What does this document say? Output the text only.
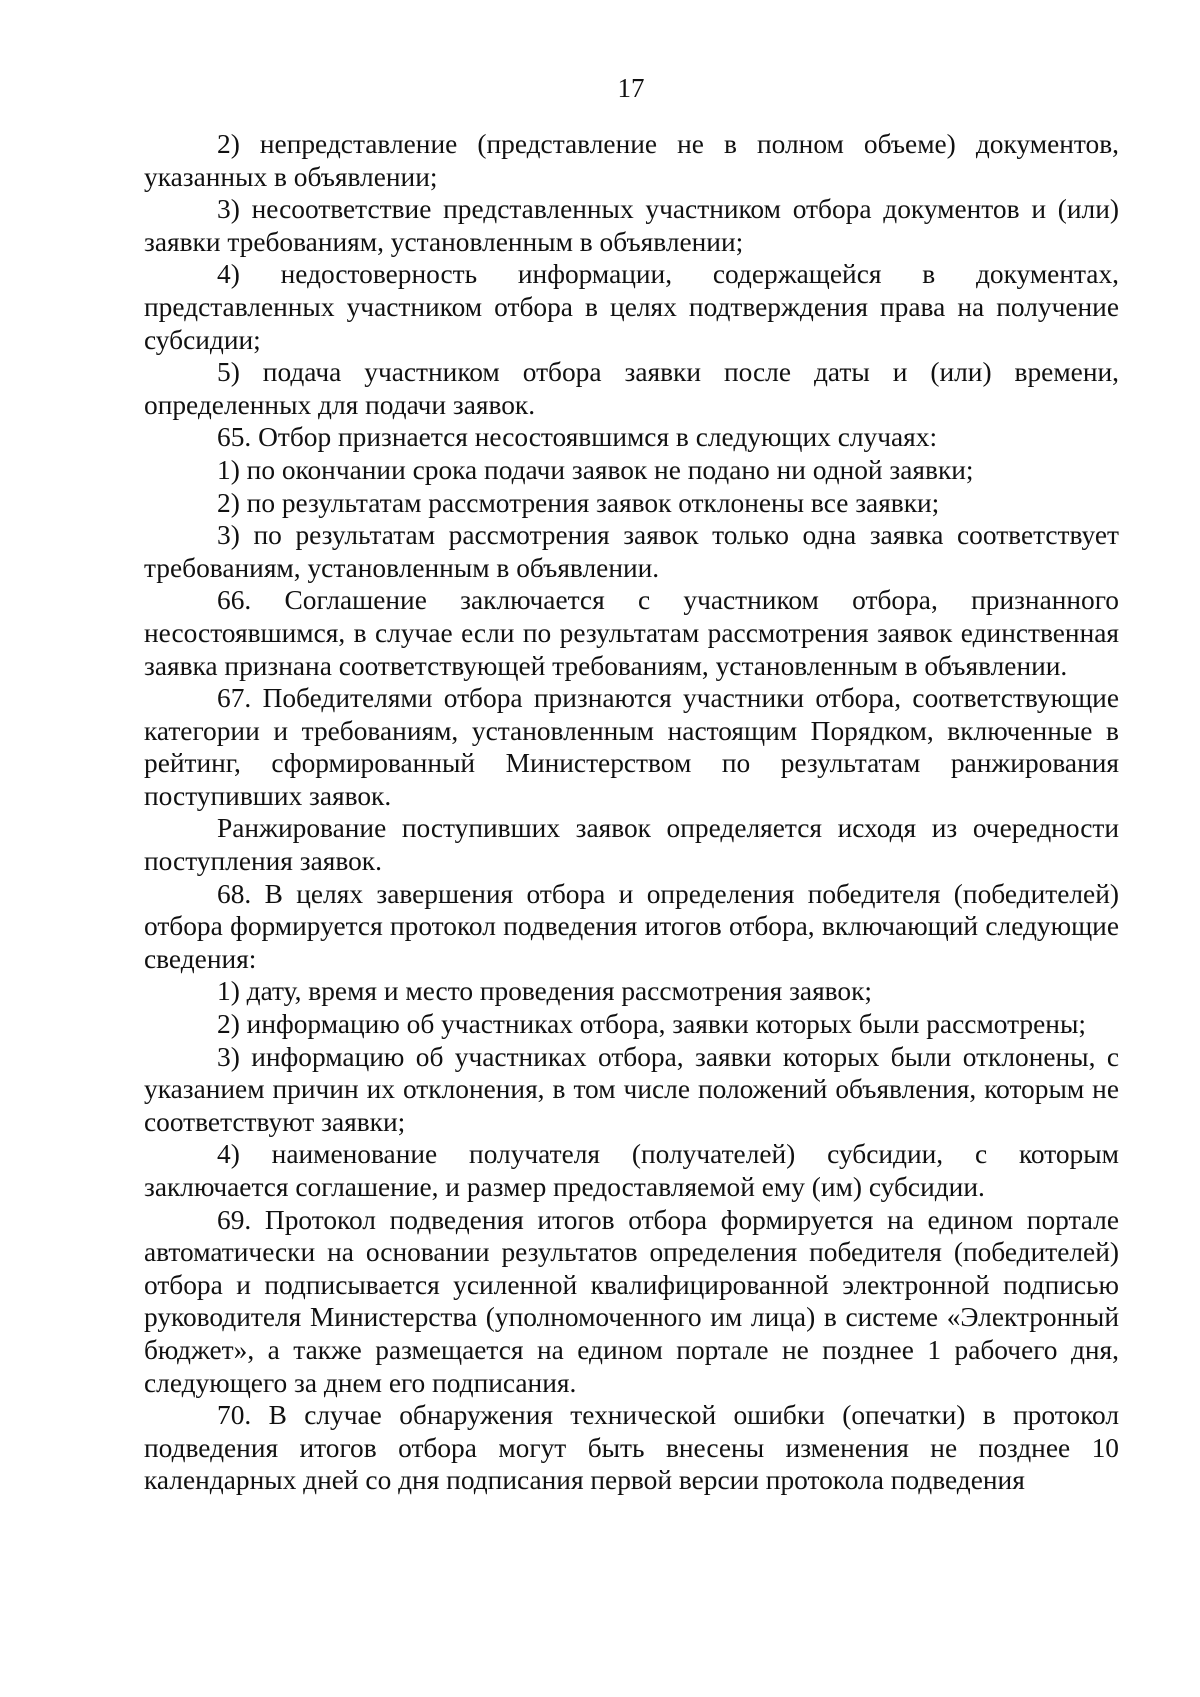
17

2) непредставление (представление не в полном объеме) документов, указанных в объявлении;

3) несоответствие представленных участником отбора документов и (или) заявки требованиям, установленным в объявлении;

4) недостоверность информации, содержащейся в документах, представленных участником отбора в целях подтверждения права на получение субсидии;

5) подача участником отбора заявки после даты и (или) времени, определенных для подачи заявок.

65. Отбор признается несостоявшимся в следующих случаях:

1) по окончании срока подачи заявок не подано ни одной заявки;

2) по результатам рассмотрения заявок отклонены все заявки;

3) по результатам рассмотрения заявок только одна заявка соответствует требованиям, установленным в объявлении.

66. Соглашение заключается с участником отбора, признанного несостоявшимся, в случае если по результатам рассмотрения заявок единственная заявка признана соответствующей требованиям, установленным в объявлении.

67. Победителями отбора признаются участники отбора, соответствующие категории и требованиям, установленным настоящим Порядком, включенные в рейтинг, сформированный Министерством по результатам ранжирования поступивших заявок.

Ранжирование поступивших заявок определяется исходя из очередности поступления заявок.

68. В целях завершения отбора и определения победителя (победителей) отбора формируется протокол подведения итогов отбора, включающий следующие сведения:

1) дату, время и место проведения рассмотрения заявок;

2) информацию об участниках отбора, заявки которых были рассмотрены;

3) информацию об участниках отбора, заявки которых были отклонены, с указанием причин их отклонения, в том числе положений объявления, которым не соответствуют заявки;

4) наименование получателя (получателей) субсидии, с которым заключается соглашение, и размер предоставляемой ему (им) субсидии.

69. Протокол подведения итогов отбора формируется на едином портале автоматически на основании результатов определения победителя (победителей) отбора и подписывается усиленной квалифицированной электронной подписью руководителя Министерства (уполномоченного им лица) в системе «Электронный бюджет», а также размещается на едином портале не позднее 1 рабочего дня, следующего за днем его подписания.

70. В случае обнаружения технической ошибки (опечатки) в протокол подведения итогов отбора могут быть внесены изменения не позднее 10 календарных дней со дня подписания первой версии протокола подведения
